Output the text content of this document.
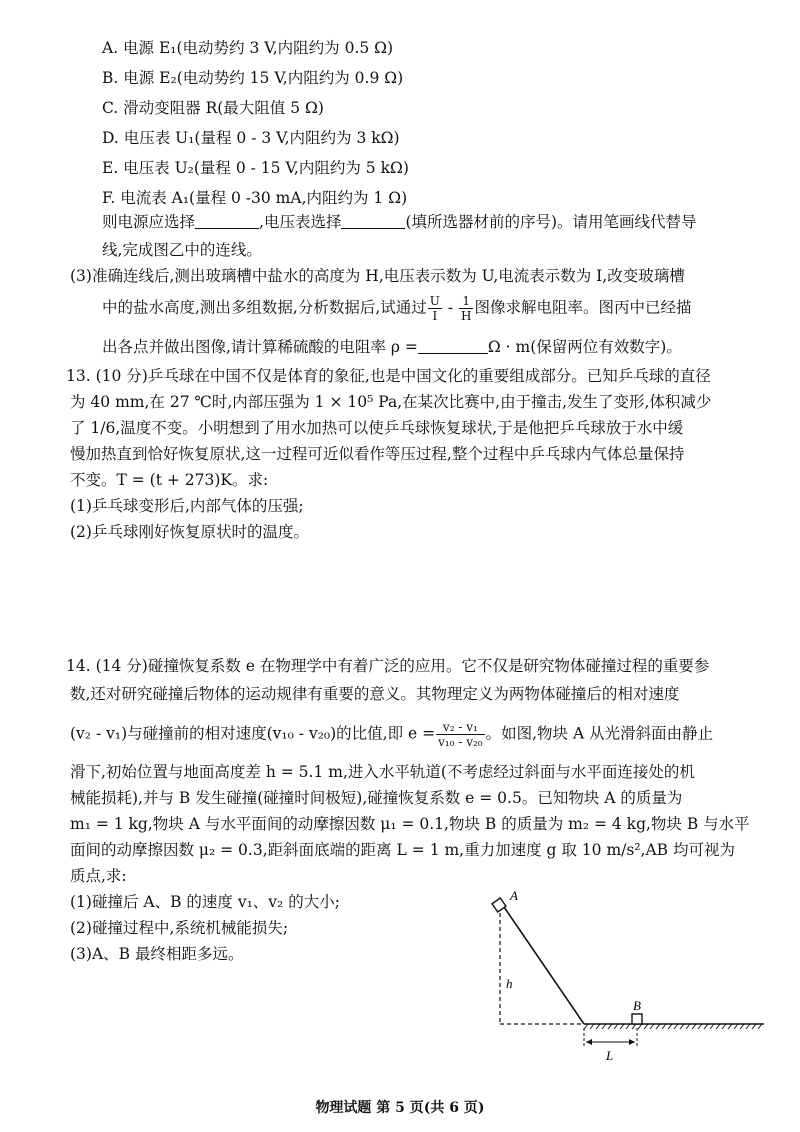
A. 电源 E₁(电动势约 3 V,内阻约为 0.5 Ω)
B. 电源 E₂(电动势约 15 V,内阻约为 0.9 Ω)
C. 滑动变阻器 R(最大阻值 5 Ω)
D. 电压表 U₁(量程 0 - 3 V,内阻约为 3 kΩ)
E. 电压表 U₂(量程 0 - 15 V,内阻约为 5 kΩ)
F. 电流表 A₁(量程 0 -30 mA,内阻约为 1 Ω)
则电源应选择	,电压表选择	(填所选器材前的序号)。请用笔画线代替导
线,完成图乙中的连线。
(3)准确连线后,测出玻璃槽中盐水的高度为 H,电压表示数为 U,电流表示数为 I,改变玻璃槽
中的盐水高度,测出多组数据,分析数据后,试通过 $\frac{U}{I} - \frac{1}{H}$ 图像求解电阻率。图丙中已经描
出各点并做出图像,请计算稀硫酸的电阻率 ρ =	Ω · m(保留两位有效数字)。
13. (10 分)乒乓球在中国不仅是体育的象征,也是中国文化的重要组成部分。已知乒乓球的直径
为 40 mm,在 27 ℃时,内部压强为 1 × 10⁵ Pa,在某次比赛中,由于撞击,发生了变形,体积减少
了 1/6,温度不变。小明想到了用水加热可以使乒乓球恢复球状,于是他把乒乓球放于水中缓
慢加热直到恰好恢复原状,这一过程可近似看作等压过程,整个过程中乒乓球内气体总量保持
不变。T = (t + 273)K。求:
(1)乒乓球变形后,内部气体的压强;
(2)乒乓球刚好恢复原状时的温度。
14. (14 分)碰撞恢复系数 e 在物理学中有着广泛的应用。它不仅是研究物体碰撞过程的重要参
数,还对研究碰撞后物体的运动规律有重要的意义。其物理定义为两物体碰撞后的相对速度
(v₂ - v₁)与碰撞前的相对速度(v₁₀ - v₂₀)的比值,即 $e = \frac{\text{v₂ - v₁}}{\text{v₁₀ - v₂₀}}$ 。如图,物块 A 从光滑斜面由静止
滑下,初始位置与地面高度差 h = 5.1 m,进入水平轨道(不考虑经过斜面与水平面连接处的机
械能损耗),并与 B 发生碰撞(碰撞时间极短),碰撞恢复系数 e = 0.5。已知物块 A 的质量为
m₁ = 1 kg,物块 A 与水平面间的动摩擦因数 μ₁ = 0.1,物块 B 的质量为 m₂ = 4 kg,物块 B 与水平
面间的动摩擦因数 μ₂ = 0.3,距斜面底端的距离 L = 1 m,重力加速度 g 取 10 m/s²,AB 均可视为
质点,求:
(1)碰撞后 A、B 的速度 v₁、v₂ 的大小;
(2)碰撞过程中,系统机械能损失;
(3)A、B 最终相距多远。
A
h
B
L
物理试题 第 5 页(共 6 页)
